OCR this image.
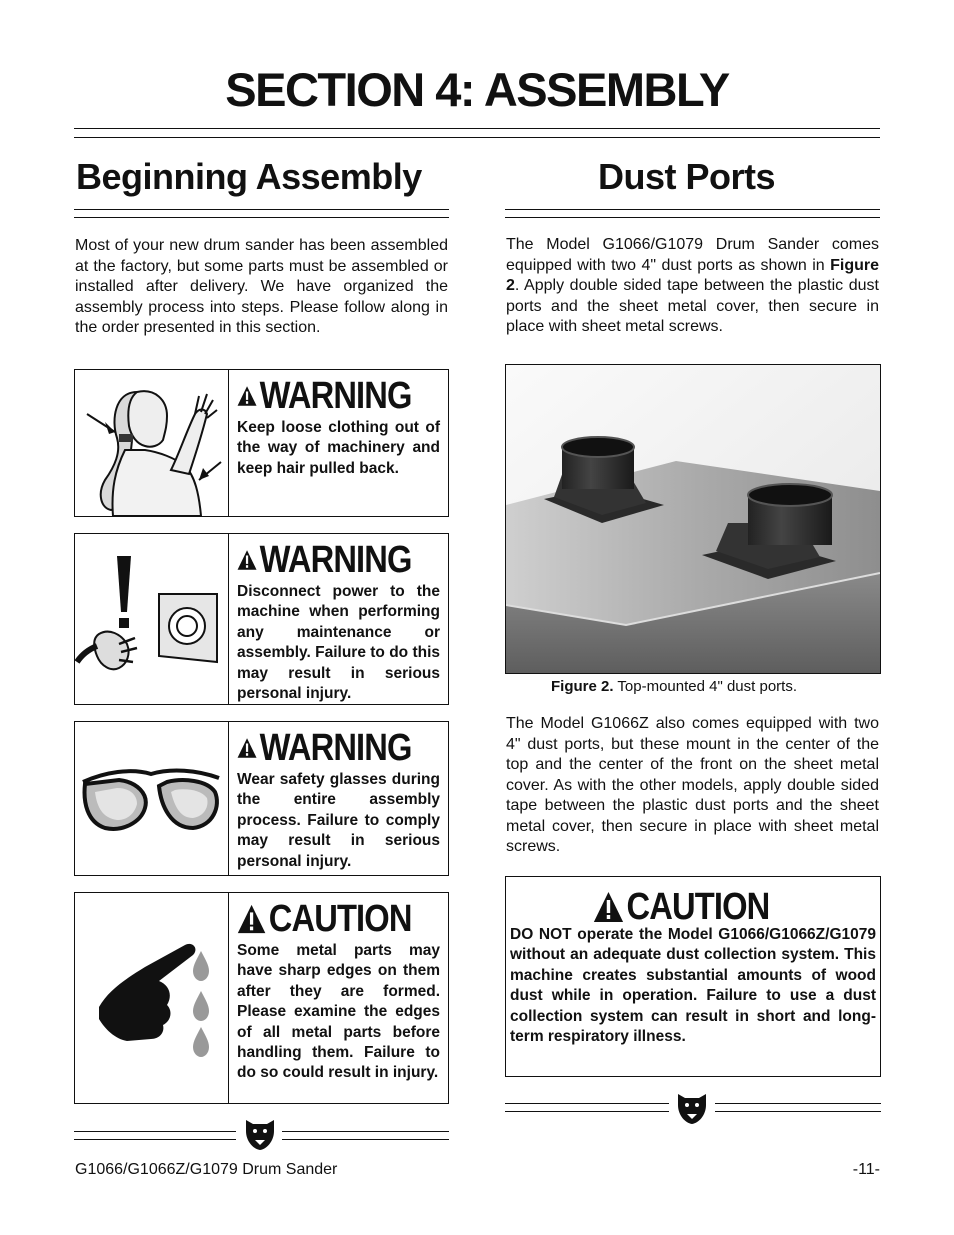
SECTION 4: ASSEMBLY
Beginning Assembly

Most of your new drum sander has been assembled at the factory, but some parts must be assembled or installed after delivery. We have organized the assembly process into steps. Please follow along in the order presented in this section.

WARNING

Keep loose clothing out of the way of machinery and keep hair pulled back.

WARNING

Disconnect power to the machine when performing any maintenance or assembly. Failure to do this may result in serious personal injury.

WARNING

Wear safety glasses during the entire assembly process. Failure to comply may result in serious personal injury.

CAUTION

Some metal parts may have sharp edges on them after they are formed. Please examine the edges of all metal parts before handling them. Failure to do so could result in injury.

Dust Ports

The Model G1066/G1079 Drum Sander comes equipped with two 4" dust ports as shown in Figure 2. Apply double sided tape between the plastic dust ports and the sheet metal cover, then secure in place with sheet metal screws.

Figure 2. Top-mounted 4" dust ports.

The Model G1066Z also comes equipped with two 4" dust ports, but these mount in the center of the top and the center of the front on the sheet metal cover. As with the other models, apply double sided tape between the plastic dust ports and the sheet metal cover, then secure in place with sheet metal screws.

CAUTION

DO NOT operate the Model G1066/G1066Z/G1079 without an adequate dust collection system. This machine creates substantial amounts of wood dust while in operation. Failure to use a dust collection system can result in short and long-term respiratory illness.

G1066/G1066Z/G1079 Drum Sander	-11-
